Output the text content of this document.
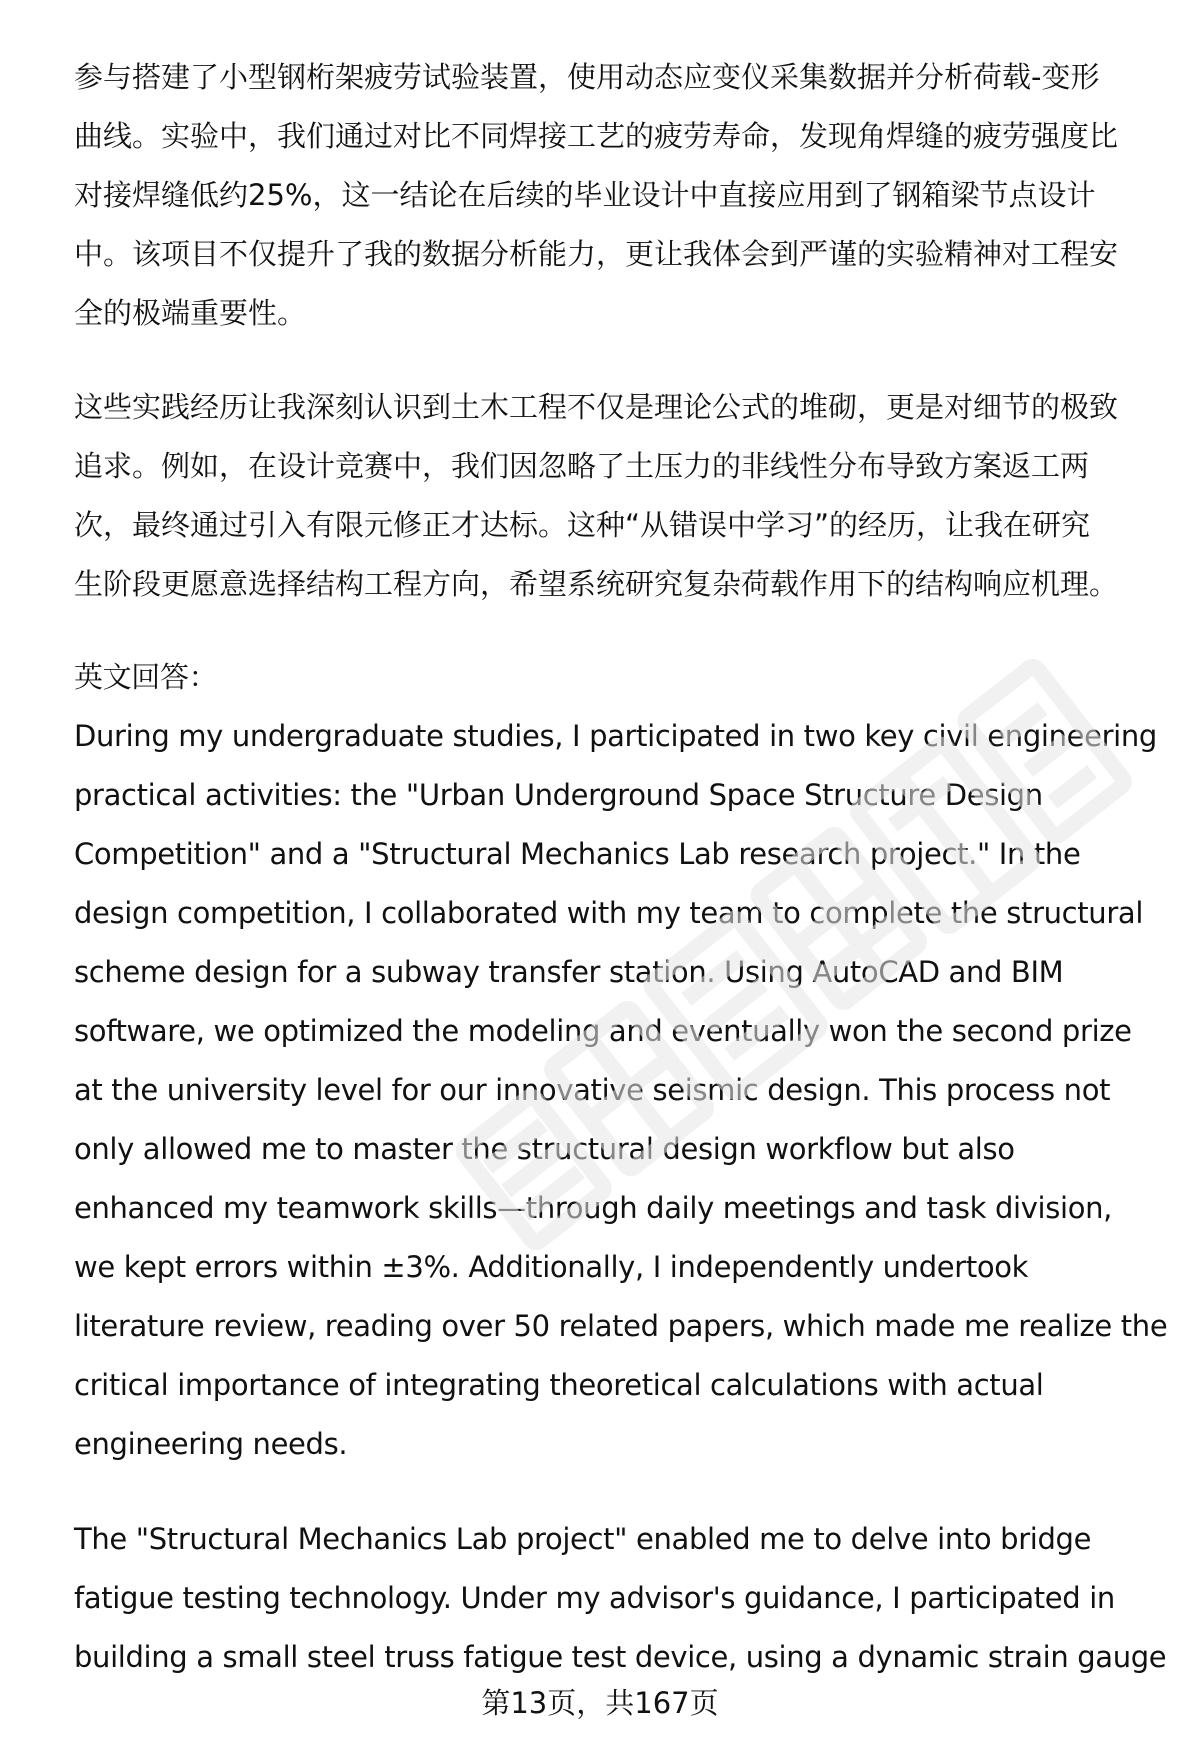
参与搭建了小型钢桁架疲劳试验装置，使用动态应变仪采集数据并分析荷载-变形
曲线。实验中，我们通过对比不同焊接工艺的疲劳寿命，发现角焊缝的疲劳强度比
对接焊缝低约25%，这一结论在后续的毕业设计中直接应用到了钢箱梁节点设计
中。该项目不仅提升了我的数据分析能力，更让我体会到严谨的实验精神对工程安
全的极端重要性。

这些实践经历让我深刻认识到土木工程不仅是理论公式的堆砌，更是对细节的极致
追求。例如，在设计竞赛中，我们因忽略了土压力的非线性分布导致方案返工两
次，最终通过引入有限元修正才达标。这种“从错误中学习”的经历，让我在研究
生阶段更愿意选择结构工程方向，希望系统研究复杂荷载作用下的结构响应机理。

英文回答：
During my undergraduate studies, I participated in two key civil engineering
practical activities: the "Urban Underground Space Structure Design
Competition" and a "Structural Mechanics Lab research project." In the
design competition, I collaborated with my team to complete the structural
scheme design for a subway transfer station. Using AutoCAD and BIM
software, we optimized the modeling and eventually won the second prize
at the university level for our innovative seismic design. This process not
only allowed me to master the structural design workflow but also
enhanced my teamwork skills—through daily meetings and task division,
we kept errors within ±3%. Additionally, I independently undertook
literature review, reading over 50 related papers, which made me realize the
critical importance of integrating theoretical calculations with actual
engineering needs.

The "Structural Mechanics Lab project" enabled me to delve into bridge
fatigue testing technology. Under my advisor's guidance, I participated in
building a small steel truss fatigue test device, using a dynamic strain gauge

第13页，共167页
